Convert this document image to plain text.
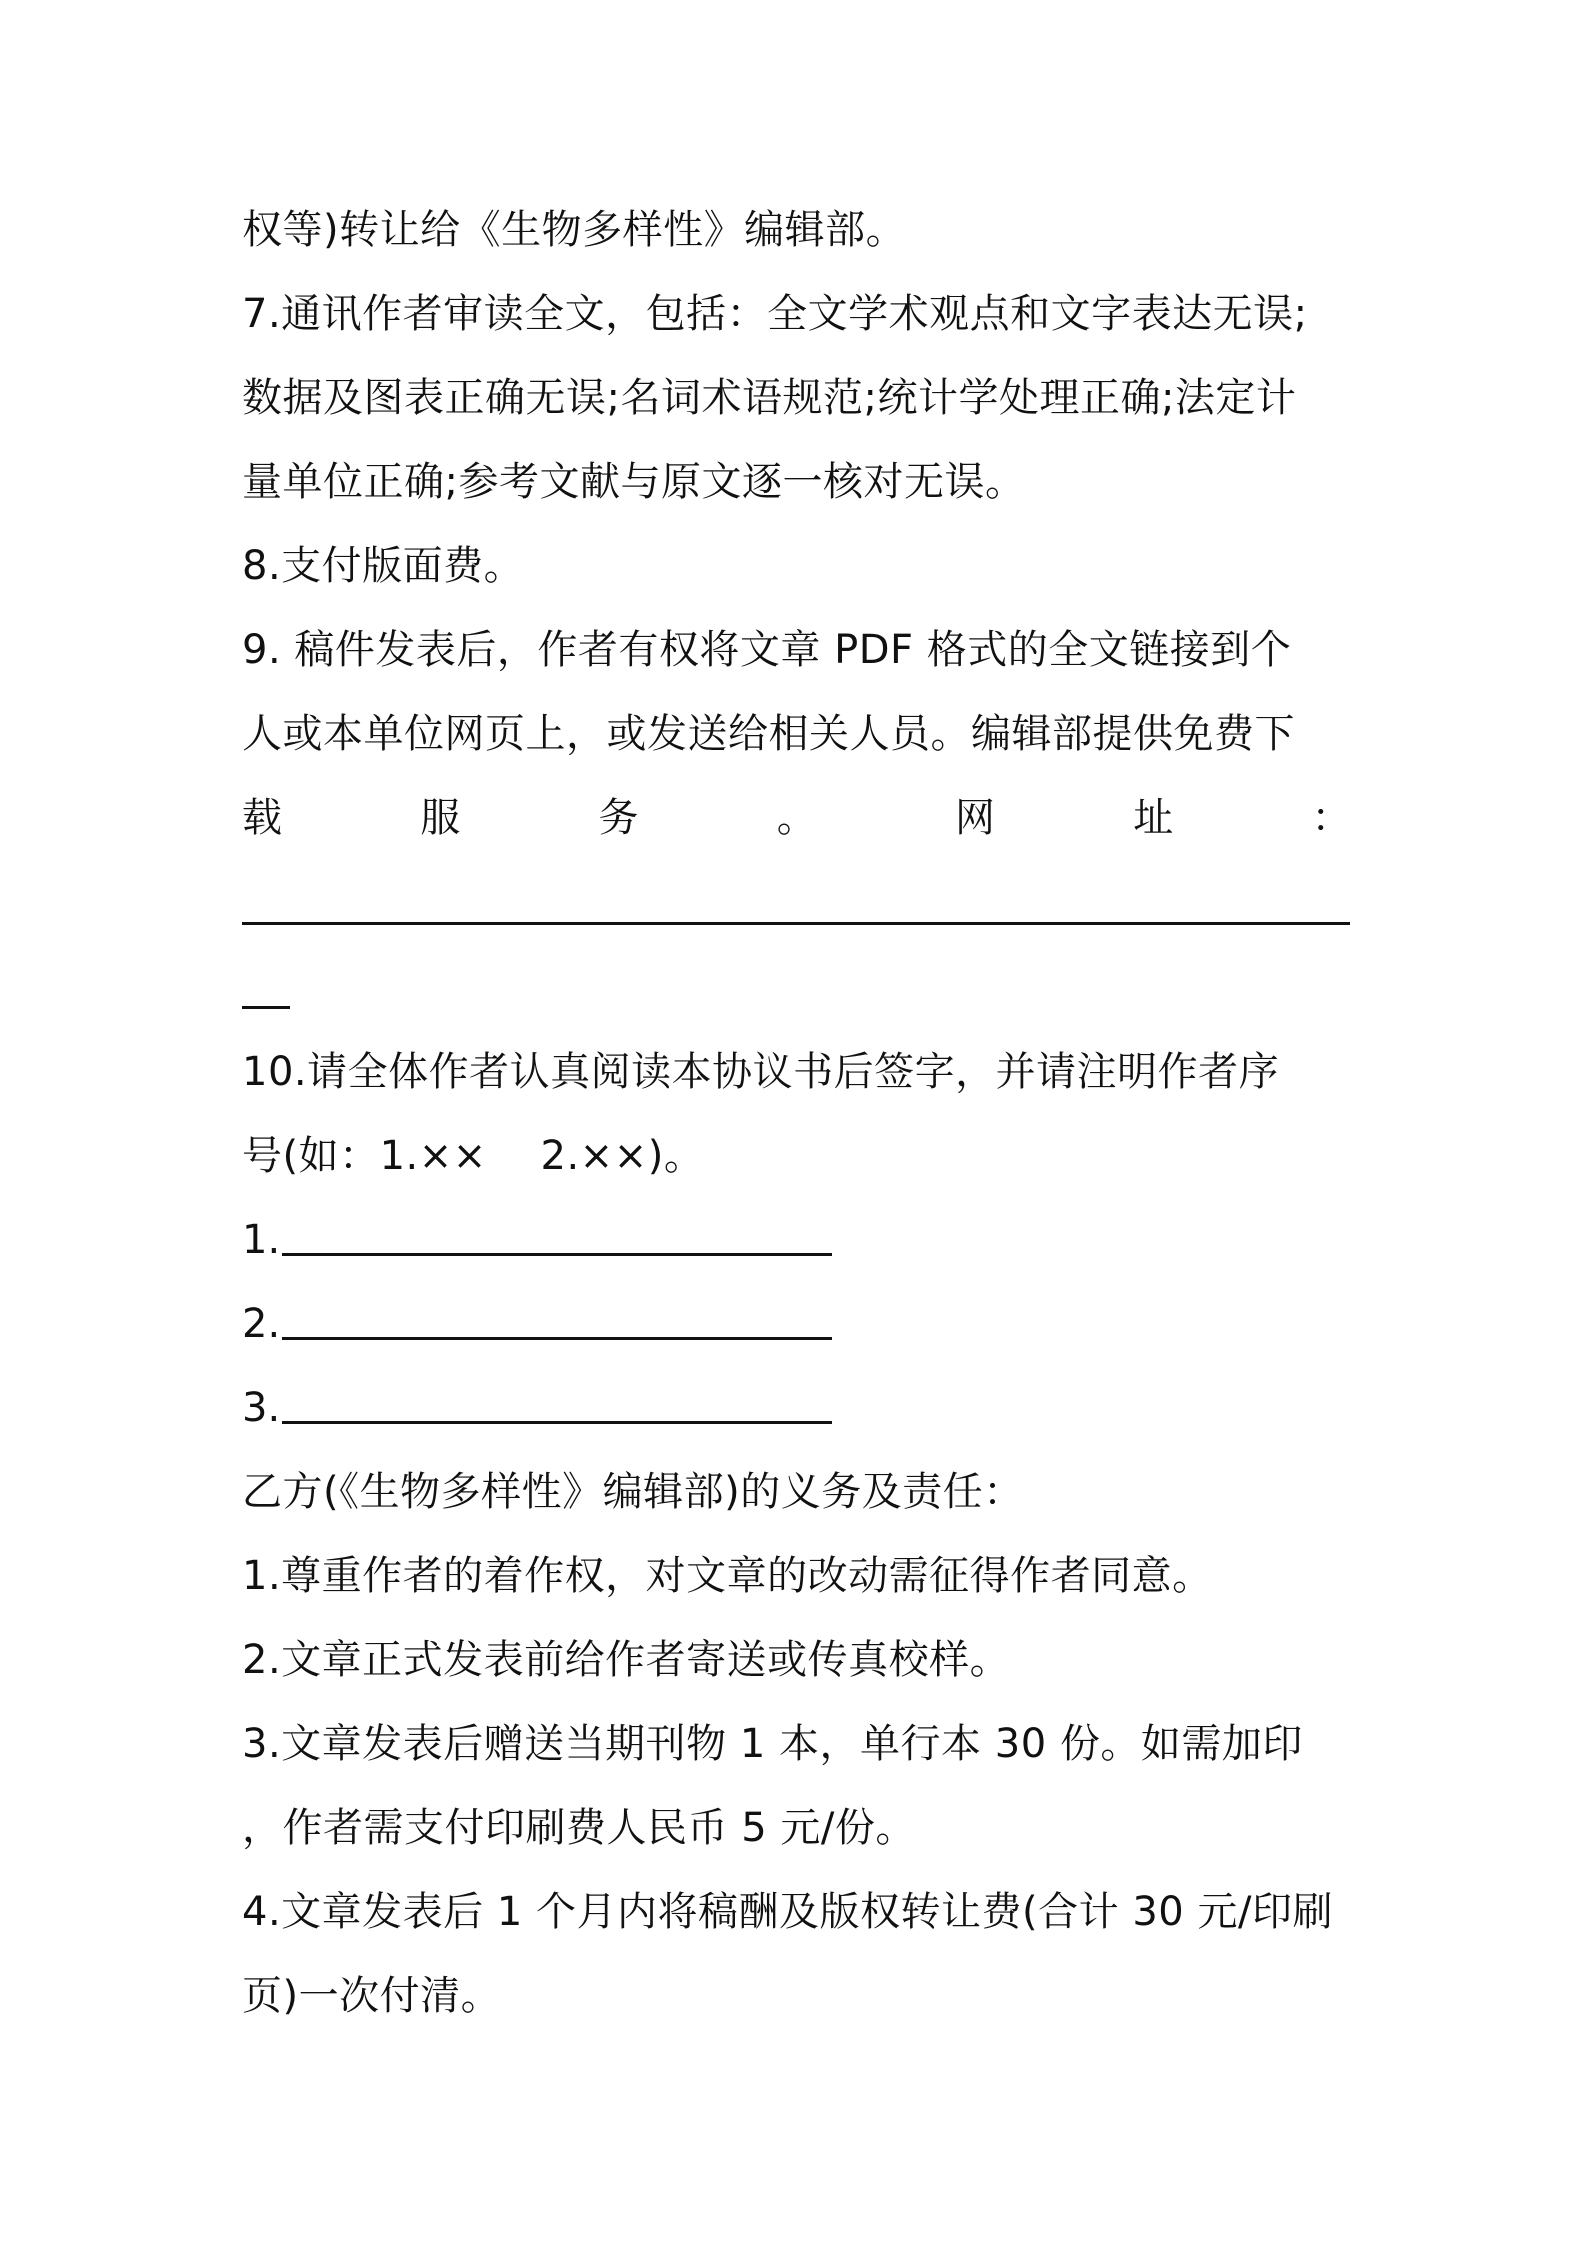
权等)转让给《生物多样性》编辑部。
7.通讯作者审读全文，包括：全文学术观点和文字表达无误;
数据及图表正确无误;名词术语规范;统计学处理正确;法定计
量单位正确;参考文献与原文逐一核对无误。
8.支付版面费。
9. 稿件发表后，作者有权将文章 PDF 格式的全文链接到个
人或本单位网页上，或发送给相关人员。编辑部提供免费下
载	服	务	。	网	址	：
10.请全体作者认真阅读本协议书后签字，并请注明作者序
号(如：1.××　 2.××)。
1.
2.
3.
乙方(《生物多样性》编辑部)的义务及责任：
1.尊重作者的着作权，对文章的改动需征得作者同意。
2.文章正式发表前给作者寄送或传真校样。
3.文章发表后赠送当期刊物 1 本，单行本 30 份。如需加印
，作者需支付印刷费人民币 5 元/份。
4.文章发表后 1 个月内将稿酬及版权转让费(合计 30 元/印刷
页)一次付清。
